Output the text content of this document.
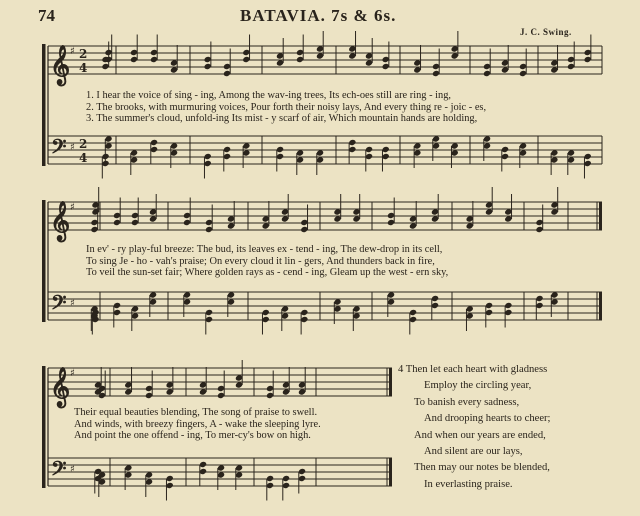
74	BATAVIA. 7s & 6s.
J. C. Swing.
𝄞
𝄢
♯
♯
2
4
2
4
𝄞
𝄢
♯
♯
𝄞
𝄢
♯
♯
1. I hear the voice of sing - ing, Among the wav-ing trees, Its ech-oes still are ring - ing,
2. The brooks, with murmuring voices, Pour forth their noisy lays, And every thing re - joic - es,
3. The summer's cloud, unfold-ing Its mist - y scarf of air, Which mountain hands are holding,
In ev' - ry play-ful breeze: The bud, its leaves ex - tend - ing, The dew-drop in its cell,
To sing Je - ho - vah's praise; On every cloud it lin - gers, And thunders back in fire,
To veil the sun-set fair; Where golden rays as - cend - ing, Gleam up the west - ern sky,
Their equal beauties blending, The song of praise to swell.
And winds, with breezy fingers, A - wake the sleeping lyre.
And point the one offend - ing, To mer-cy's bow on high.
4 Then let each heart with gladness
Employ the circling year,
To banish every sadness,
And drooping hearts to cheer;
And when our years are ended,
And silent are our lays,
Then may our notes be blended,
In everlasting praise.
